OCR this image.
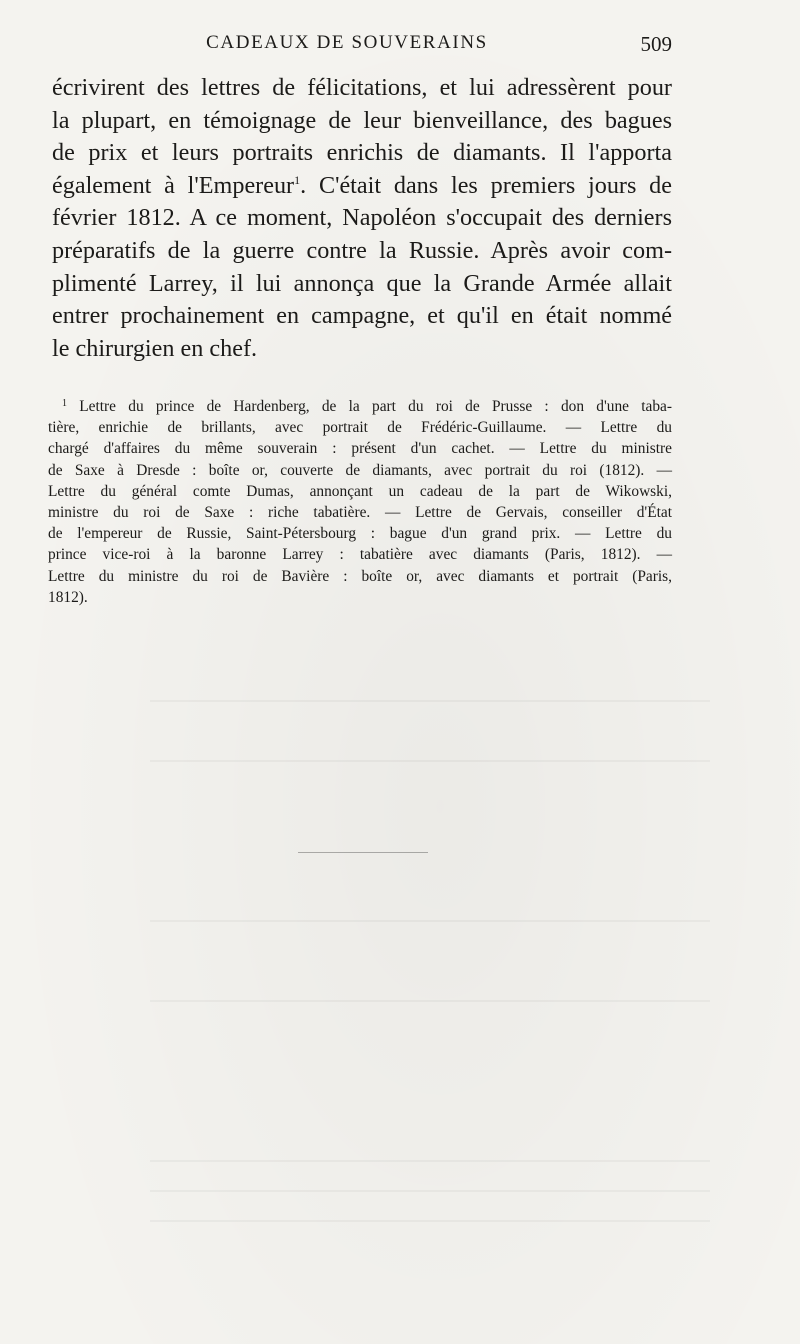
CADEAUX DE SOUVERAINS	509

écrivirent des lettres de félicitations, et lui adressèrent pour
la plupart, en témoignage de leur bienveillance, des bagues
de prix et leurs portraits enrichis de diamants. Il l'apporta
également à l'Empereur$^1$. C'était dans les premiers jours de
février 1812. A ce moment, Napoléon s'occupait des derniers
préparatifs de la guerre contre la Russie. Après avoir com-
plimenté Larrey, il lui annonça que la Grande Armée allait
entrer prochainement en campagne, et qu'il en était nommé
le chirurgien en chef.

$^1$ Lettre du prince de Hardenberg, de la part du roi de Prusse : don d'une taba-
tière, enrichie de brillants, avec portrait de Frédéric-Guillaume. — Lettre du
chargé d'affaires du même souverain : présent d'un cachet. — Lettre du ministre
de Saxe à Dresde : boîte or, couverte de diamants, avec portrait du roi (1812). —
Lettre du général comte Dumas, annonçant un cadeau de la part de Wikowski,
ministre du roi de Saxe : riche tabatière. — Lettre de Gervais, conseiller d'État
de l'empereur de Russie, Saint-Pétersbourg : bague d'un grand prix. — Lettre du
prince vice-roi à la baronne Larrey : tabatière avec diamants (Paris, 1812). —
Lettre du ministre du roi de Bavière : boîte or, avec diamants et portrait (Paris,
1812).
